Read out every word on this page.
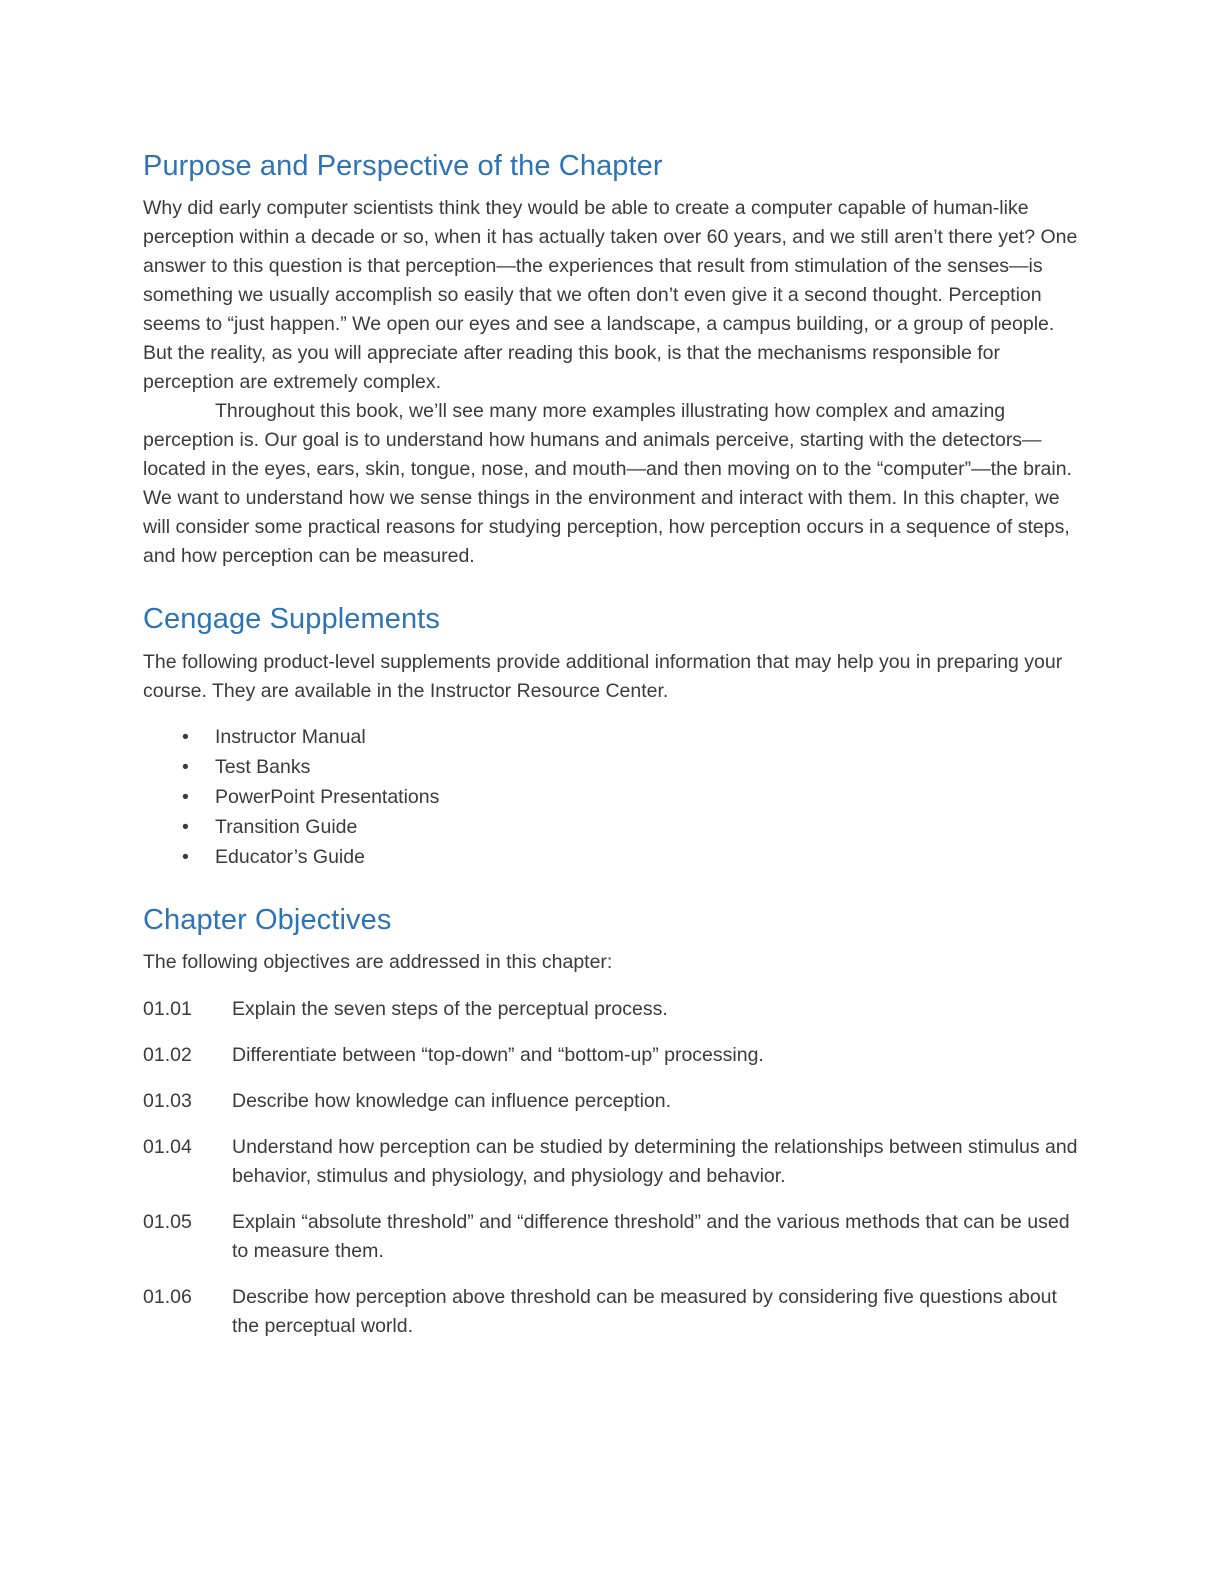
Purpose and Perspective of the Chapter

Why did early computer scientists think they would be able to create a computer capable of human-like perception within a decade or so, when it has actually taken over 60 years, and we still aren’t there yet? One answer to this question is that perception—the experiences that result from stimulation of the senses—is something we usually accomplish so easily that we often don’t even give it a second thought. Perception seems to “just happen.” We open our eyes and see a landscape, a campus building, or a group of people. But the reality, as you will appreciate after reading this book, is that the mechanisms responsible for perception are extremely complex.

Throughout this book, we’ll see many more examples illustrating how complex and amazing perception is. Our goal is to understand how humans and animals perceive, starting with the detectors—located in the eyes, ears, skin, tongue, nose, and mouth—and then moving on to the “computer”—the brain. We want to understand how we sense things in the environment and interact with them. In this chapter, we will consider some practical reasons for studying perception, how perception occurs in a sequence of steps, and how perception can be measured.

Cengage Supplements

The following product-level supplements provide additional information that may help you in preparing your course. They are available in the Instructor Resource Center.

• Instructor Manual
• Test Banks
• PowerPoint Presentations
• Transition Guide
• Educator’s Guide
Chapter Objectives

The following objectives are addressed in this chapter:

01.01	Explain the seven steps of the perceptual process.
01.02	Differentiate between “top-down” and “bottom-up” processing.
01.03	Describe how knowledge can influence perception.
01.04	Understand how perception can be studied by determining the relationships between stimulus and behavior, stimulus and physiology, and physiology and behavior.
01.05	Explain “absolute threshold” and “difference threshold” and the various methods that can be used to measure them.
01.06	Describe how perception above threshold can be measured by considering five questions about the perceptual world.
